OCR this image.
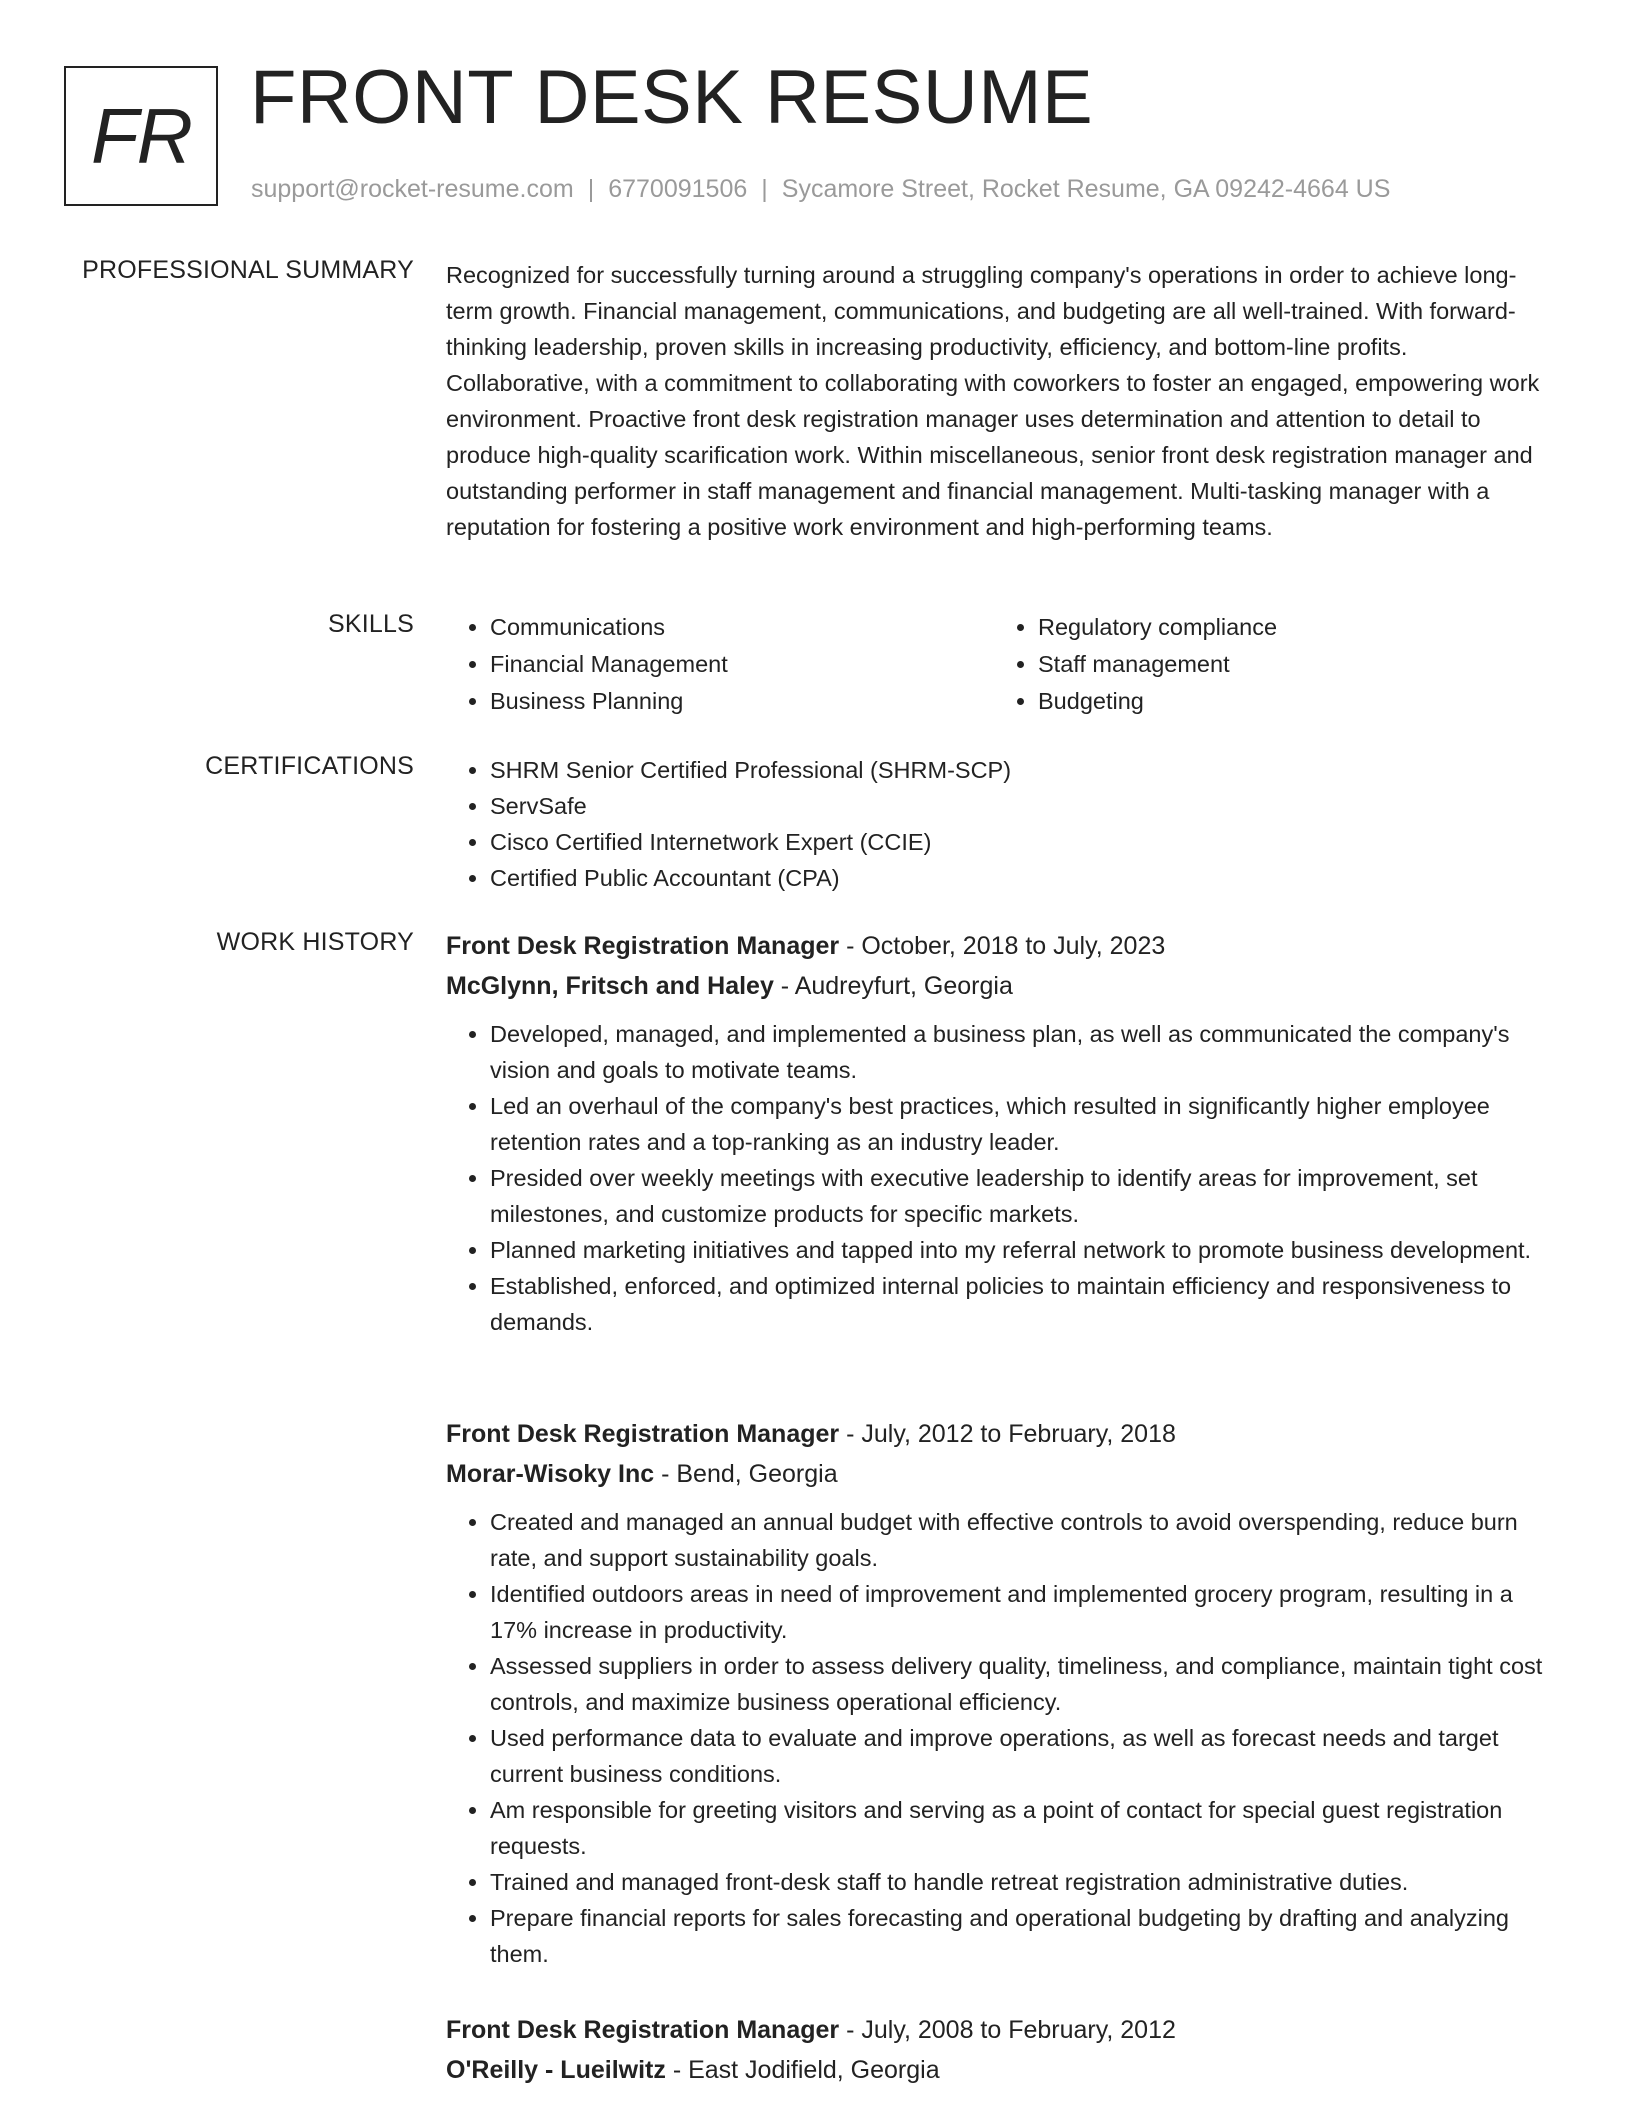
FR FRONT DESK RESUME
support@rocket-resume.com | 6770091506 | Sycamore Street, Rocket Resume, GA 09242-4664 US
PROFESSIONAL SUMMARY Recognized for successfully turning around a struggling company's operations in order to achieve long-term growth. Financial management, communications, and budgeting are all well-trained. With forward-thinking leadership, proven skills in increasing productivity, efficiency, and bottom-line profits. Collaborative, with a commitment to collaborating with coworkers to foster an engaged, empowering work environment. Proactive front desk registration manager uses determination and attention to detail to produce high-quality scarification work. Within miscellaneous, senior front desk registration manager and outstanding performer in staff management and financial management. Multi-tasking manager with a reputation for fostering a positive work environment and high-performing teams.

SKILLS	• Communications
• Financial Management
• Business Planning
• Regulatory compliance
• Staff management
• Budgeting
CERTIFICATIONS	• SHRM Senior Certified Professional (SHRM-SCP)
• ServSafe
• Cisco Certified Internetwork Expert (CCIE)
• Certified Public Accountant (CPA)
WORK HISTORY Front Desk Registration Manager - October, 2018 to July, 2023
McGlynn, Fritsch and Haley - Audreyfurt, Georgia
• Developed, managed, and implemented a business plan, as well as communicated the company's vision and goals to motivate teams.
• Led an overhaul of the company's best practices, which resulted in significantly higher employee retention rates and a top-ranking as an industry leader.
• Presided over weekly meetings with executive leadership to identify areas for improvement, set milestones, and customize products for specific markets.
• Planned marketing initiatives and tapped into my referral network to promote business development.
• Established, enforced, and optimized internal policies to maintain efficiency and responsiveness to demands.
Front Desk Registration Manager - July, 2012 to February, 2018
Morar-Wisoky Inc - Bend, Georgia
• Created and managed an annual budget with effective controls to avoid overspending, reduce burn rate, and support sustainability goals.
• Identified outdoors areas in need of improvement and implemented grocery program, resulting in a 17% increase in productivity.
• Assessed suppliers in order to assess delivery quality, timeliness, and compliance, maintain tight cost controls, and maximize business operational efficiency.
• Used performance data to evaluate and improve operations, as well as forecast needs and target current business conditions.
• Am responsible for greeting visitors and serving as a point of contact for special guest registration requests.
• Trained and managed front-desk staff to handle retreat registration administrative duties.
• Prepare financial reports for sales forecasting and operational budgeting by drafting and analyzing them.
Front Desk Registration Manager - July, 2008 to February, 2012
O'Reilly - Lueilwitz - East Jodifield, Georgia
